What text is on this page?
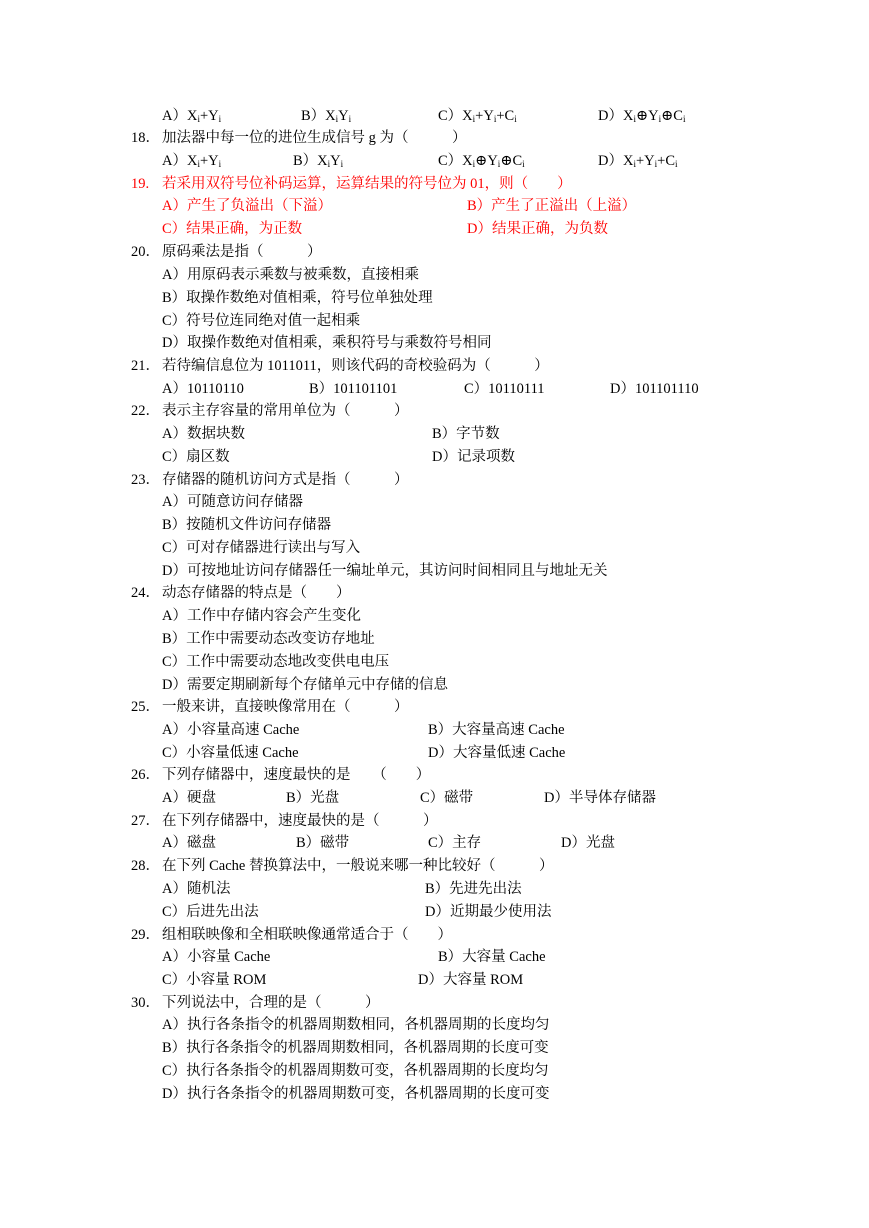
$A)X_i+Y_i$	$B)X_iY_i$	$C)X_i+Y_i+C_i$	$D)X_i\oplus Y_i\oplus C_i$
18． 加法器中每一位的进位生成信号 g 为（　　　）
$A)X_i+Y_i$	$B)X_iY_i$	$C)X_i\oplus Y_i\oplus C_i$	$D)X_i+Y_i+C_i$
19. 若采用双符号位补码运算，运算结果的符号位为 01，则（　　）
A）产生了负溢出（下溢）	B）产生了正溢出（上溢）
C）结果正确，为正数	D）结果正确，为负数
20． 原码乘法是指（　　　）
A）用原码表示乘数与被乘数，直接相乘
B）取操作数绝对值相乘，符号位单独处理
C）符号位连同绝对值一起相乘
D）取操作数绝对值相乘，乘积符号与乘数符号相同
21． 若待编信息位为 1011011，则该代码的奇校验码为（　　　）
A）10110110	B）101101101	C）10110111	D）101101110
22． 表示主存容量的常用单位为（　　　）
A）数据块数	B）字节数
C）扇区数	D）记录项数
23． 存储器的随机访问方式是指（　　　）
A）可随意访问存储器
B）按随机文件访问存储器
C）可对存储器进行读出与写入
D）可按地址访问存储器任一编址单元，其访问时间相同且与地址无关
24． 动态存储器的特点是（　　）
A）工作中存储内容会产生变化
B）工作中需要动态改变访存地址
C）工作中需要动态地改变供电电压
D）需要定期刷新每个存储单元中存储的信息
25． 一般来讲，直接映像常用在（　　　）
A）小容量高速 Cache	B）大容量高速 Cache
C）小容量低速 Cache	D）大容量低速 Cache
26． 下列存储器中，速度最快的是　　（　　）
A）硬盘	B）光盘	C）磁带	D）半导体存储器
27． 在下列存储器中，速度最快的是（　　　）
A）磁盘	B）磁带	C）主存	D）光盘
28． 在下列 Cache 替换算法中，一般说来哪一种比较好（　　　）
A）随机法	B）先进先出法
C）后进先出法	D）近期最少使用法
29． 组相联映像和全相联映像通常适合于（　　）
A）小容量 Cache	B）大容量 Cache
C）小容量 ROM	D）大容量 ROM
30． 下列说法中，合理的是（　　　）
A）执行各条指令的机器周期数相同，各机器周期的长度均匀
B）执行各条指令的机器周期数相同，各机器周期的长度可变
C）执行各条指令的机器周期数可变，各机器周期的长度均匀
D）执行各条指令的机器周期数可变，各机器周期的长度可变
